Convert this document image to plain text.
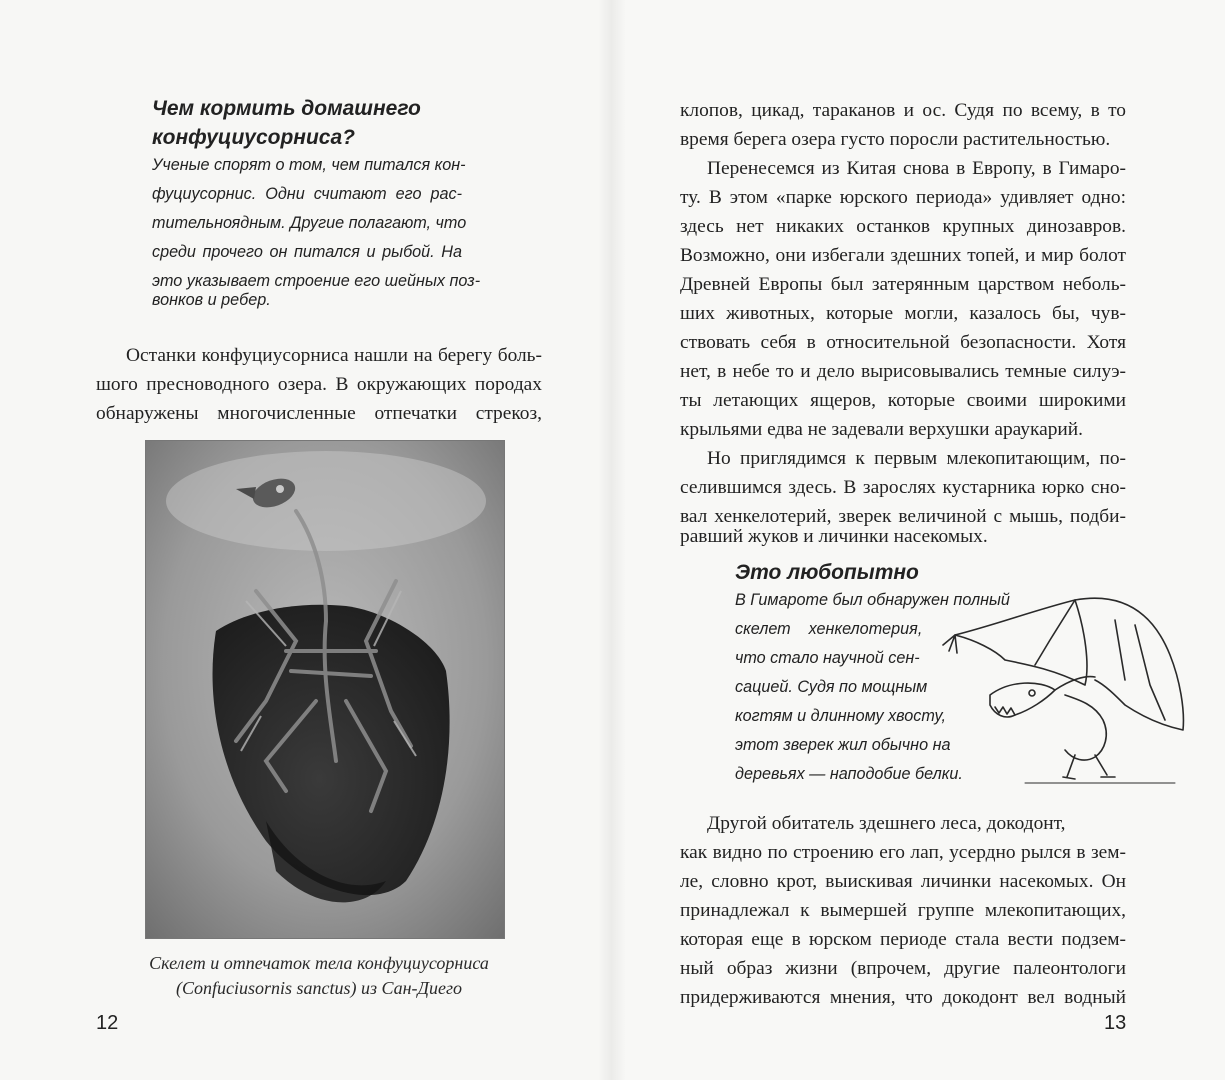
Чем кормить домашнего
конфуциусорниса?
Ученые спорят о том, чем питался кон-
фуциусорнис. Одни считают его рас-
тительноядным. Другие полагают, что
среди прочего он питался и рыбой. На
это указывает строение его шейных поз-
вонков и ребер.
Останки конфуциусорниса нашли на берегу боль-
шого пресноводного озера. В окружающих породах
обнаружены многочисленные отпечатки стрекоз,
Скелет и отпечаток тела конфуциусорниса
(Confuciusornis sanctus) из Сан-Диего
12
клопов, цикад, тараканов и ос. Судя по всему, в то
время берега озера густо поросли растительностью.
Перенесемся из Китая снова в Европу, в Гимаро-
ту. В этом «парке юрского периода» удивляет одно:
здесь нет никаких останков крупных динозавров.
Возможно, они избегали здешних топей, и мир болот
Древней Европы был затерянным царством неболь-
ших животных, которые могли, казалось бы, чув-
ствовать себя в относительной безопасности. Хотя
нет, в небе то и дело вырисовывались темные силуэ-
ты летающих ящеров, которые своими широкими
крыльями едва не задевали верхушки араукарий.
Но приглядимся к первым млекопитающим, по-
селившимся здесь. В зарослях кустарника юрко сно-
вал хенкелотерий, зверек величиной с мышь, подби-
равший жуков и личинки насекомых.
Это любопытно
В Гимароте был обнаружен полный
скелет    хенкелотерия,
что стало научной сен-
сацией. Судя по мощным
когтям и длинному хвосту,
этот зверек жил обычно на
деревьях — наподобие белки.
Другой обитатель здешнего леса, докодонт,
как видно по строению его лап, усердно рылся в зем-
ле, словно крот, выискивая личинки насекомых. Он
принадлежал к вымершей группе млекопитающих,
которая еще в юрском периоде стала вести подзем-
ный образ жизни (впрочем, другие палеонтологи
придерживаются мнения, что докодонт вел водный
13
